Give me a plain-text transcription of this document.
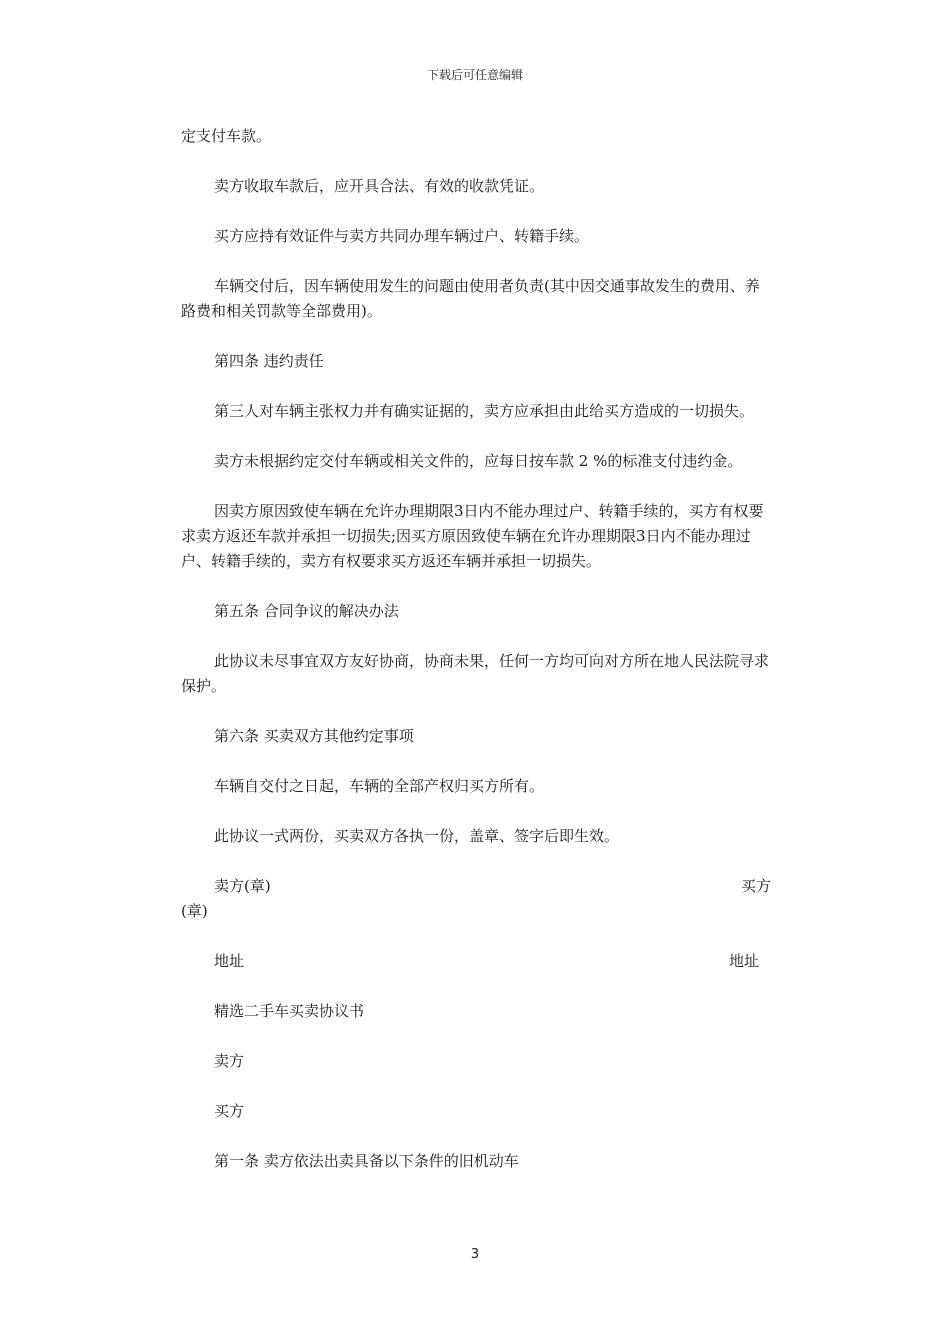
下载后可任意编辑

定支付车款。

卖方收取车款后，应开具合法、有效的收款凭证。

买方应持有效证件与卖方共同办理车辆过户、转籍手续。

车辆交付后，因车辆使用发生的问题由使用者负责(其中因交通事故发生的费用、养路费和相关罚款等全部费用)。

第四条 违约责任

第三人对车辆主张权力并有确实证据的，卖方应承担由此给买方造成的一切损失。

卖方未根据约定交付车辆或相关文件的，应每日按车款 2 %的标准支付违约金。

因卖方原因致使车辆在允许办理期限3日内不能办理过户、转籍手续的，买方有权要求卖方返还车款并承担一切损失;因买方原因致使车辆在允许办理期限3日内不能办理过户、转籍手续的，卖方有权要求买方返还车辆并承担一切损失。

第五条 合同争议的解决办法

此协议未尽事宜双方友好协商，协商未果，任何一方均可向对方所在地人民法院寻求保护。

第六条 买卖双方其他约定事项

车辆自交付之日起，车辆的全部产权归买方所有。

此协议一式两份，买卖双方各执一份，盖章、签字后即生效。

卖方(章)	买方
(章)
地址	地址

精选二手车买卖协议书

卖方

买方

第一条 卖方依法出卖具备以下条件的旧机动车

3
